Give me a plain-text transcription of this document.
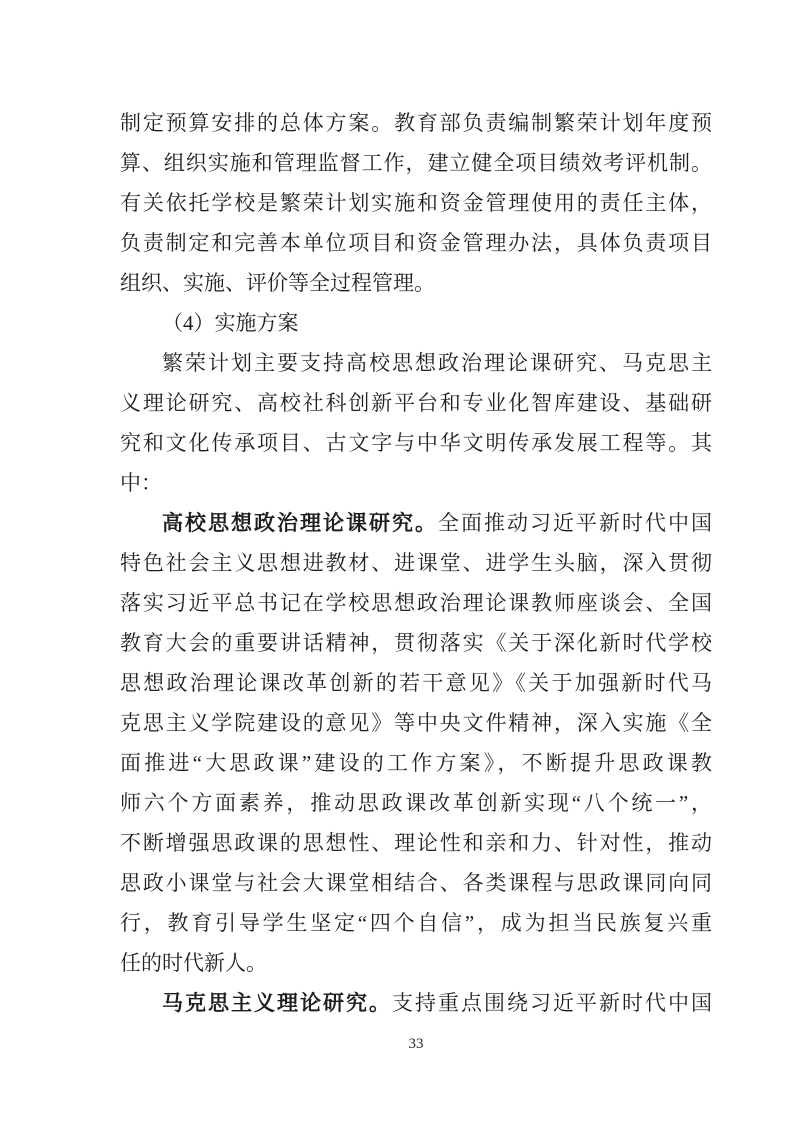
制定预算安排的总体方案。教育部负责编制繁荣计划年度预
算、组织实施和管理监督工作，建立健全项目绩效考评机制。
有关依托学校是繁荣计划实施和资金管理使用的责任主体，
负责制定和完善本单位项目和资金管理办法，具体负责项目
组织、实施、评价等全过程管理。
（4）实施方案
繁荣计划主要支持高校思想政治理论课研究、马克思主
义理论研究、高校社科创新平台和专业化智库建设、基础研
究和文化传承项目、古文字与中华文明传承发展工程等。其
中：
高校思想政治理论课研究。全面推动习近平新时代中国
特色社会主义思想进教材、进课堂、进学生头脑，深入贯彻
落实习近平总书记在学校思想政治理论课教师座谈会、全国
教育大会的重要讲话精神，贯彻落实《关于深化新时代学校
思想政治理论课改革创新的若干意见》《关于加强新时代马
克思主义学院建设的意见》等中央文件精神，深入实施《全
面推进“大思政课”建设的工作方案》，不断提升思政课教
师六个方面素养，推动思政课改革创新实现“八个统一”，
不断增强思政课的思想性、理论性和亲和力、针对性，推动
思政小课堂与社会大课堂相结合、各类课程与思政课同向同
行，教育引导学生坚定“四个自信”，成为担当民族复兴重
任的时代新人。
马克思主义理论研究。支持重点围绕习近平新时代中国
33
